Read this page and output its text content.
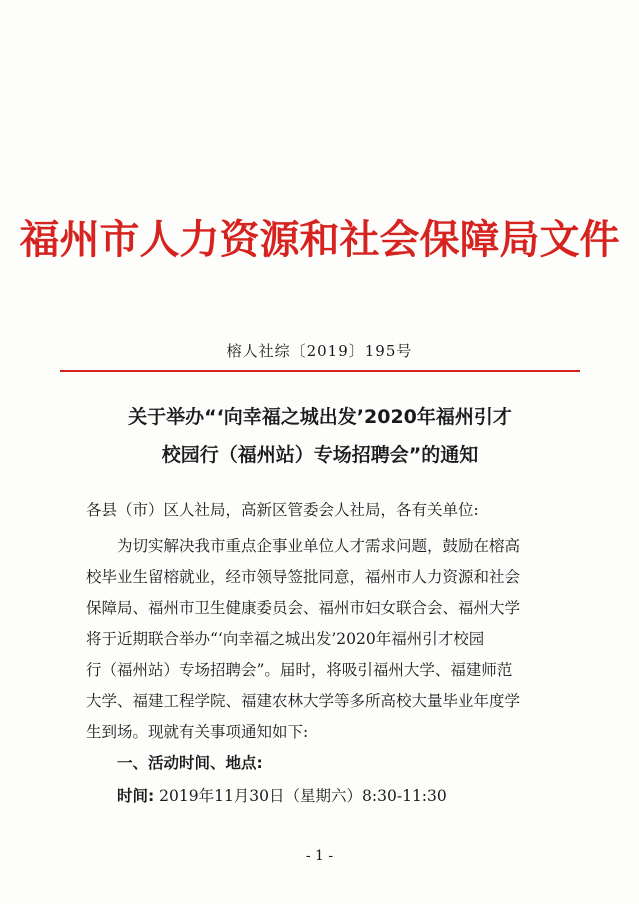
福州市人力资源和社会保障局文件
榕人社综〔2019〕195号
关于举办“‘向幸福之城出发’2020年福州引才
校园行（福州站）专场招聘会”的通知
各县（市）区人社局，高新区管委会人社局，各有关单位:
为切实解决我市重点企事业单位人才需求问题，鼓励在榕高
校毕业生留榕就业，经市领导签批同意，福州市人力资源和社会
保障局、福州市卫生健康委员会、福州市妇女联合会、福州大学
将于近期联合举办“‘向幸福之城出发’2020年福州引才校园
行（福州站）专场招聘会”。届时，将吸引福州大学、福建师范
大学、福建工程学院、福建农林大学等多所高校大量毕业年度学
生到场。现就有关事项通知如下:
一、活动时间、地点:
时间: 2019年11月30日（星期六）8:30-11:30
- 1 -
